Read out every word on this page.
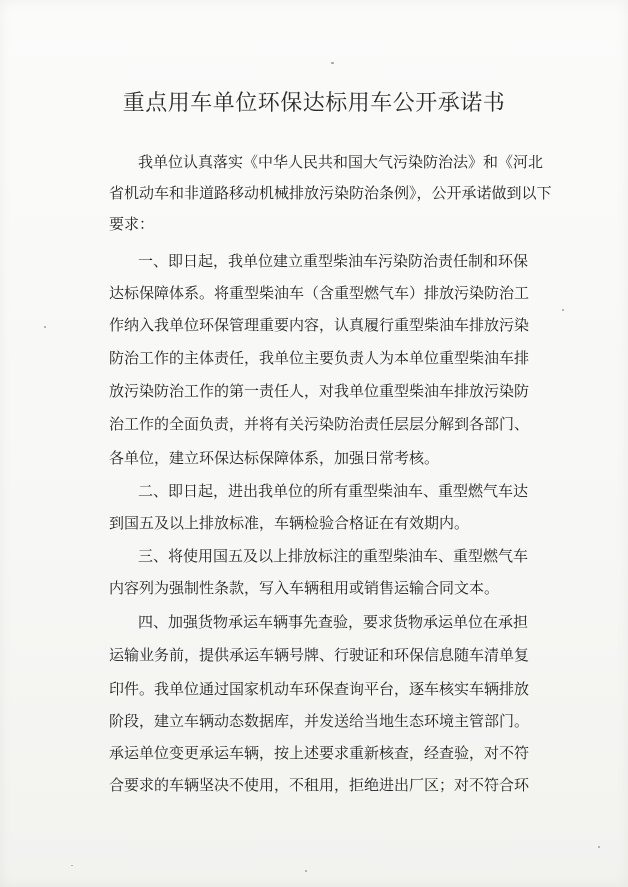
重点用车单位环保达标用车公开承诺书
我单位认真落实《中华人民共和国大气污染防治法》和《河北
省机动车和非道路移动机械排放污染防治条例》，公开承诺做到以下
要求：
一、即日起，我单位建立重型柴油车污染防治责任制和环保
达标保障体系。将重型柴油车（含重型燃气车）排放污染防治工
作纳入我单位环保管理重要内容，认真履行重型柴油车排放污染
防治工作的主体责任，我单位主要负责人为本单位重型柴油车排
放污染防治工作的第一责任人，对我单位重型柴油车排放污染防
治工作的全面负责，并将有关污染防治责任层层分解到各部门、
各单位，建立环保达标保障体系，加强日常考核。
二、即日起，进出我单位的所有重型柴油车、重型燃气车达
到国五及以上排放标准，车辆检验合格证在有效期内。
三、将使用国五及以上排放标注的重型柴油车、重型燃气车
内容列为强制性条款，写入车辆租用或销售运输合同文本。
四、加强货物承运车辆事先查验，要求货物承运单位在承担
运输业务前，提供承运车辆号牌、行驶证和环保信息随车清单复
印件。我单位通过国家机动车环保查询平台，逐车核实车辆排放
阶段，建立车辆动态数据库，并发送给当地生态环境主管部门。
承运单位变更承运车辆，按上述要求重新核查，经查验，对不符
合要求的车辆坚决不使用，不租用，拒绝进出厂区；对不符合环
